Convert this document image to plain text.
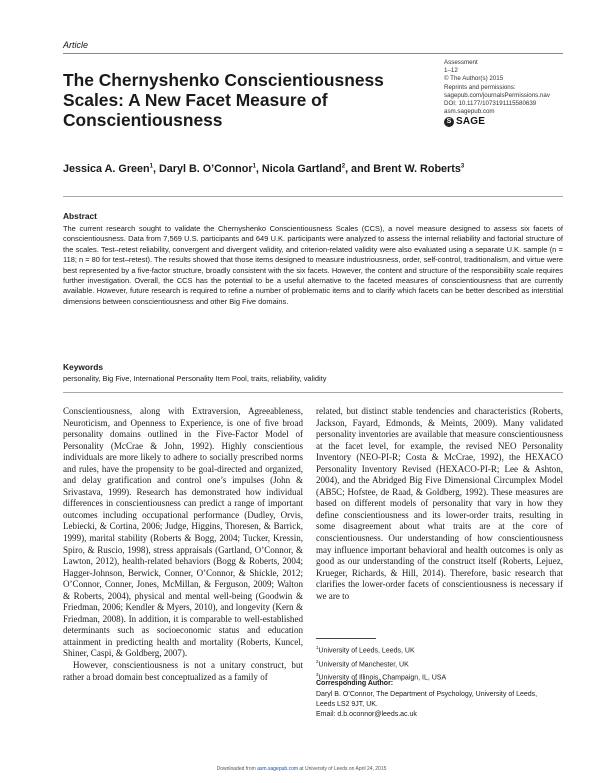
Article
The Chernyshenko Conscientiousness Scales: A New Facet Measure of Conscientiousness
Assessment
1–12
© The Author(s) 2015
Reprints and permissions:
sagepub.com/journalsPermissions.nav
DOI: 10.1177/1073191115580639
asm.sagepub.com
S SAGE
Jessica A. Green$^1$, Daryl B. O’Connor$^1$, Nicola Gartland$^2$, and Brent W. Roberts$^3$
Abstract
The current research sought to validate the Chernyshenko Conscientiousness Scales (CCS), a novel measure designed to assess six facets of conscientiousness. Data from 7,569 U.S. participants and 649 U.K. participants were analyzed to assess the internal reliability and factorial structure of the scales. Test–retest reliability, convergent and divergent validity, and criterion-related validity were also evaluated using a separate U.K. sample (n = 118; n = 80 for test–retest). The results showed that those items designed to measure industriousness, order, self-control, traditionalism, and virtue were best represented by a five-factor structure, broadly consistent with the six facets. However, the content and structure of the responsibility scale requires further investigation. Overall, the CCS has the potential to be a useful alternative to the faceted measures of conscientiousness that are currently available. However, future research is required to refine a number of problematic items and to clarify which facets can be better described as interstitial dimensions between conscientiousness and other Big Five domains.
Keywords
personality, Big Five, International Personality Item Pool, traits, reliability, validity

Conscientiousness, along with Extraversion, Agreeableness, Neuroticism, and Openness to Experience, is one of five broad personality domains outlined in the Five-Factor Model of Personality (McCrae & John, 1992). Highly conscientious individuals are more likely to adhere to socially prescribed norms and rules, have the propensity to be goal-directed and organized, and delay gratification and control one’s impulses (John & Srivastava, 1999). Research has demonstrated how individual differences in conscientiousness can predict a range of important outcomes including occupational performance (Dudley, Orvis, Lebiecki, & Cortina, 2006; Judge, Higgins, Thoresen, & Barrick, 1999), marital stability (Roberts & Bogg, 2004; Tucker, Kressin, Spiro, & Ruscio, 1998), stress appraisals (Gartland, O’Connor, & Lawton, 2012), health-related behaviors (Bogg & Roberts, 2004; Hagger-Johnson, Berwick, Conner, O’Connor, & Shickle, 2012; O’Connor, Conner, Jones, McMillan, & Ferguson, 2009; Walton & Roberts, 2004), physical and mental well-being (Goodwin & Friedman, 2006; Kendler & Myers, 2010), and longevity (Kern & Friedman, 2008). In addition, it is comparable to well-established determinants such as socioeconomic status and education attainment in predicting health and mortality (Roberts, Kuncel, Shiner, Caspi, & Goldberg, 2007).

However, conscientiousness is not a unitary construct, but rather a broad domain best conceptualized as a family of

related, but distinct stable tendencies and characteristics (Roberts, Jackson, Fayard, Edmonds, & Meints, 2009). Many validated personality inventories are available that measure conscientiousness at the facet level, for example, the revised NEO Personality Inventory (NEO-PI-R; Costa & McCrae, 1992), the HEXACO Personality Inventory Revised (HEXACO-PI-R; Lee & Ashton, 2004), and the Abridged Big Five Dimensional Circumplex Model (AB5C; Hofstee, de Raad, & Goldberg, 1992). These measures are based on different models of personality that vary in how they define conscientiousness and its lower-order traits, resulting in some disagreement about what traits are at the core of conscientiousness. Our understanding of how conscientiousness may influence important behavioral and health outcomes is only as good as our understanding of the construct itself (Roberts, Lejuez, Krueger, Richards, & Hill, 2014). Therefore, basic research that clarifies the lower-order facets of conscientiousness is necessary if we are to

$^1$University of Leeds, Leeds, UK
$^2$University of Manchester, UK
$^3$University of Illinois, Champaign, IL, USA
Corresponding Author:
Daryl B. O’Connor, The Department of Psychology, University of Leeds,
Leeds LS2 9JT, UK.
Email: d.b.oconnor@leeds.ac.uk
Downloaded from asm.sagepub.com at University of Leeds on April 24, 2015
